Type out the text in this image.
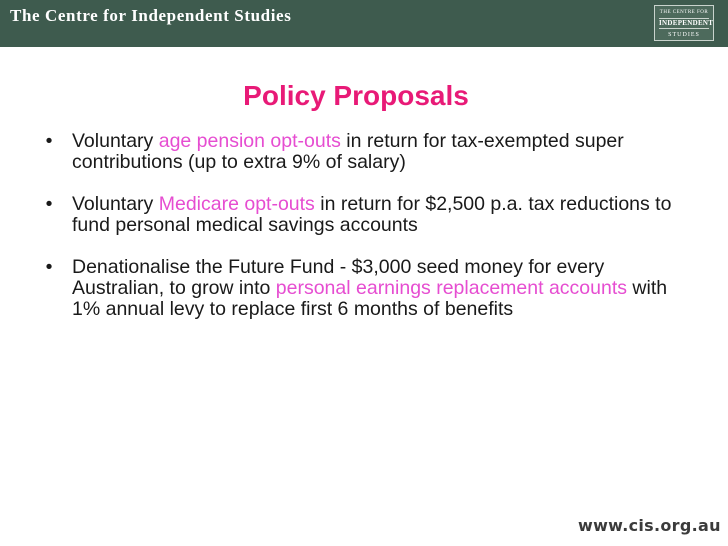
The Centre for Independent Studies	THE CENTRE FOR
INDEPENDENT
STUDIES
Policy Proposals
• Voluntary age pension opt-outs in return for tax-exempted super contributions (up to extra 9% of salary)
• Voluntary Medicare opt-outs in return for $2,500 p.a. tax reductions to fund personal medical savings accounts
• Denationalise the Future Fund - $3,000 seed money for every Australian, to grow into personal earnings replacement accounts with 1% annual levy to replace first 6 months of benefits
www.cis.org.au
